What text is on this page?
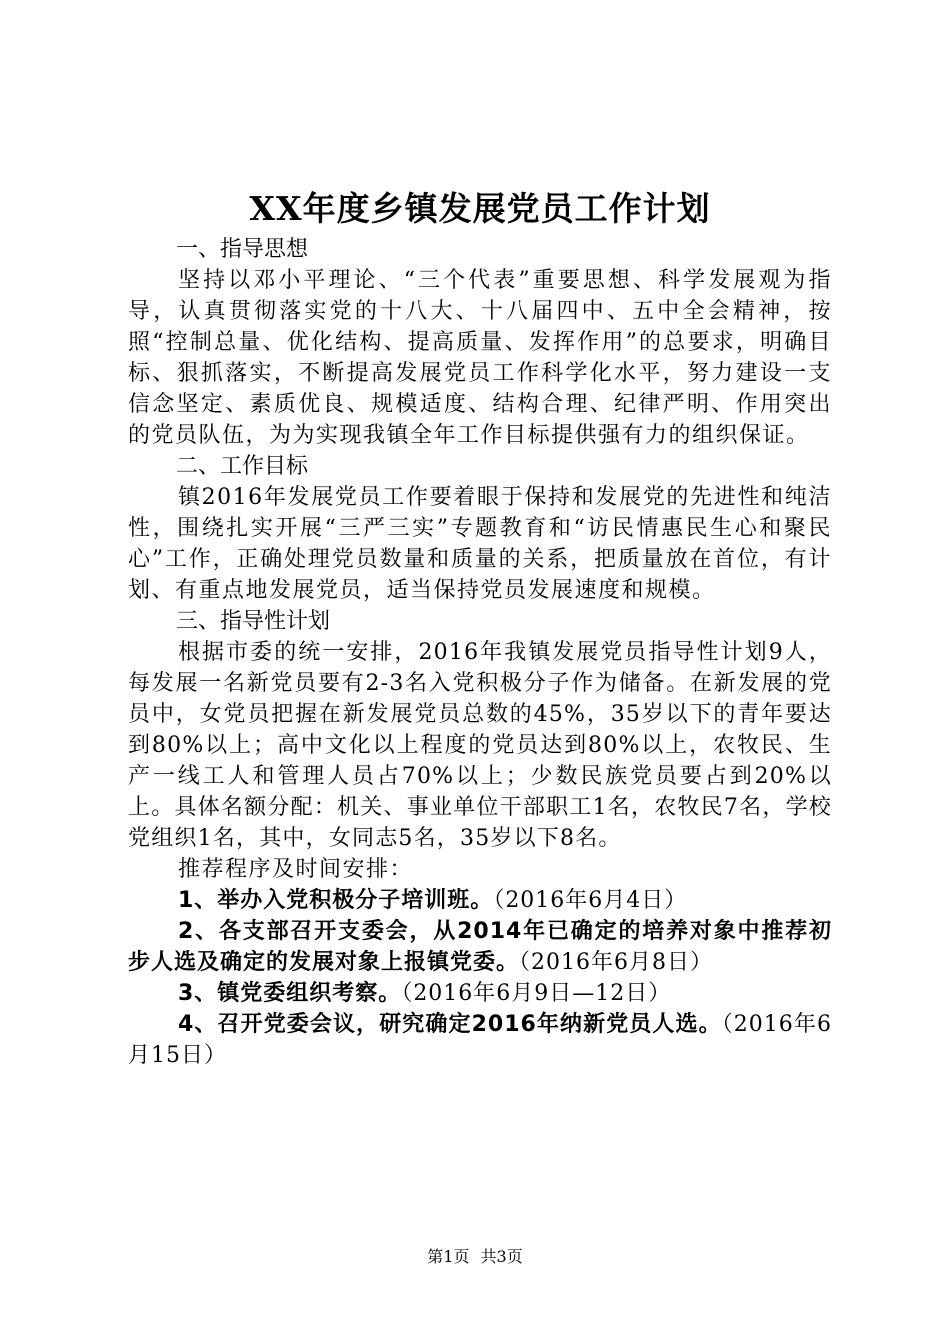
XX年度乡镇发展党员工作计划
一、指导思想

坚持以邓小平理论、“三个代表”重要思想、科学发展观为指导，认真贯彻落实党的十八大、十八届四中、五中全会精神，按照“控制总量、优化结构、提高质量、发挥作用”的总要求，明确目标、狠抓落实，不断提高发展党员工作科学化水平，努力建设一支信念坚定、素质优良、规模适度、结构合理、纪律严明、作用突出的党员队伍，为为实现我镇全年工作目标提供强有力的组织保证。

二、工作目标

镇2016年发展党员工作要着眼于保持和发展党的先进性和纯洁性，围绕扎实开展“三严三实”专题教育和“访民情惠民生心和聚民心”工作，正确处理党员数量和质量的关系，把质量放在首位，有计划、有重点地发展党员，适当保持党员发展速度和规模。

三、指导性计划

根据市委的统一安排，2016年我镇发展党员指导性计划9人，每发展一名新党员要有2-3名入党积极分子作为储备。在新发展的党员中，女党员把握在新发展党员总数的45%，35岁以下的青年要达到80%以上；高中文化以上程度的党员达到80%以上，农牧民、生产一线工人和管理人员占70%以上；少数民族党员要占到20%以上。具体名额分配：机关、事业单位干部职工1名，农牧民7名，学校党组织1名，其中，女同志5名，35岁以下8名。

推荐程序及时间安排：

1、举办入党积极分子培训班。（2016年6月4日）

2、各支部召开支委会，从2014年已确定的培养对象中推荐初步人选及确定的发展对象上报镇党委。（2016年6月8日）

3、镇党委组织考察。（2016年6月9日—12日）

4、召开党委会议，研究确定2016年纳新党员人选。（2016年6月15日）

第1页 共3页
